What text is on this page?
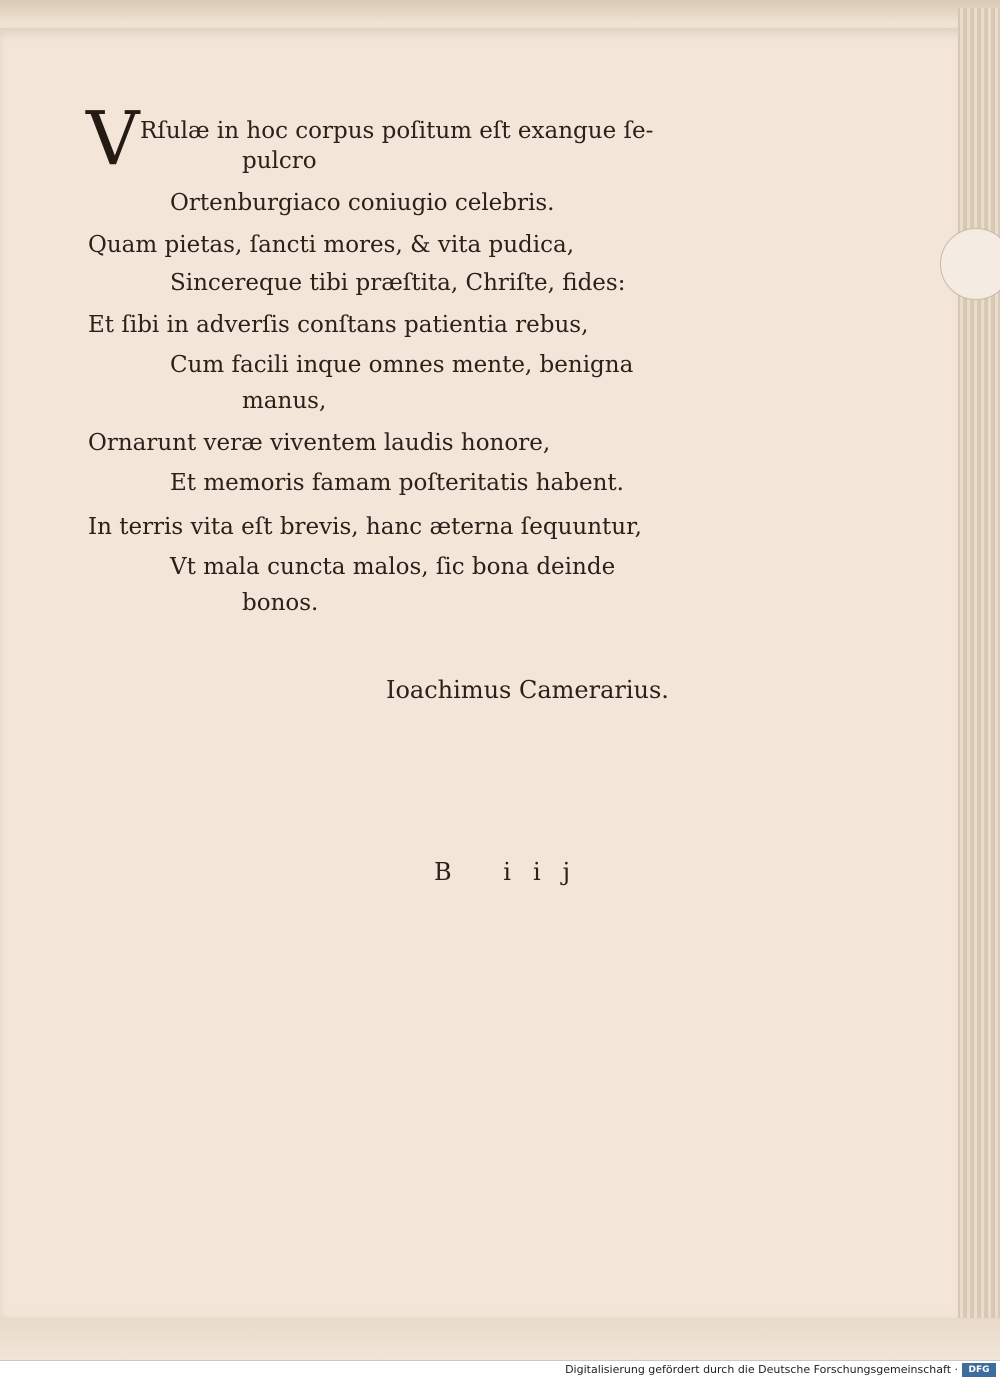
V Rſulæ in hoc corpus poſitum eſt exangue ſe-
pulcro
Ortenburgiaco coniugio celebris.
Quam pietas, ſancti mores, & vita pudica,
Sincereque tibi præſtita, Chriſte, fides:
Et ſibi in adverſis conſtans patientia rebus,
Cum facili inque omnes mente, benigna
manus,
Ornarunt veræ viventem laudis honore,
Et memoris famam poſteritatis habent.
In terris vita eſt brevis, hanc æterna ſequuntur,
Vt mala cuncta malos, ſic bona deinde
bonos.
Ioachimus Camerarius.
B iij
Digitalisierung gefördert durch die Deutsche Forschungsgemeinschaft ·	DFG
